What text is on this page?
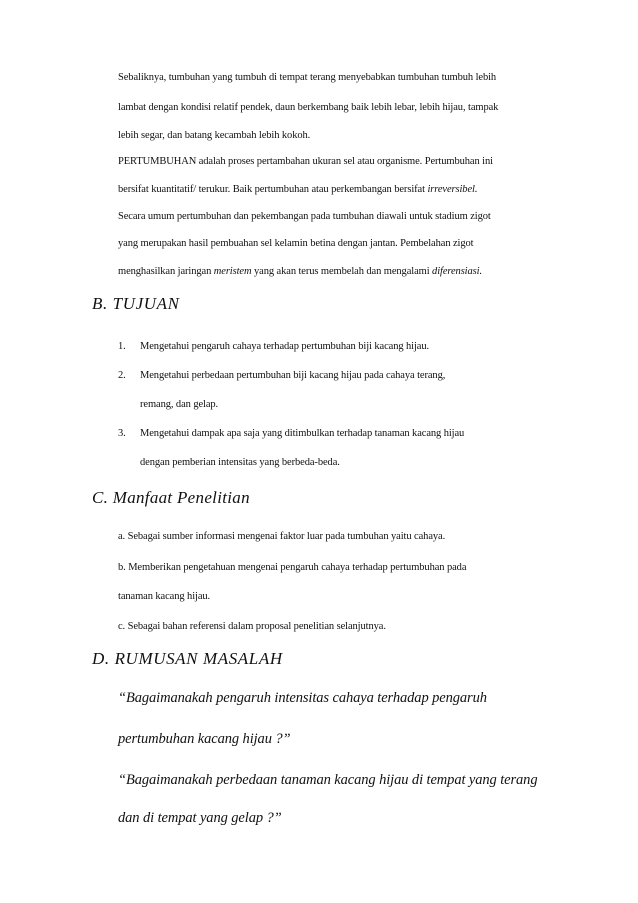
Sebaliknya, tumbuhan yang tumbuh di tempat terang menyebabkan tumbuhan tumbuh lebih
lambat dengan kondisi relatif pendek, daun berkembang baik lebih lebar, lebih hijau, tampak
lebih segar, dan batang kecambah lebih kokoh.
PERTUMBUHAN adalah proses pertambahan ukuran sel atau organisme. Pertumbuhan ini
bersifat kuantitatif/ terukur. Baik pertumbuhan atau perkembangan bersifat irreversibel.
Secara umum pertumbuhan dan pekembangan pada tumbuhan diawali untuk stadium zigot
yang merupakan hasil pembuahan sel kelamin betina dengan jantan. Pembelahan zigot
menghasilkan jaringan meristem yang akan terus membelah dan mengalami diferensiasi.
B. TUJUAN
1. Mengetahui pengaruh cahaya terhadap pertumbuhan biji kacang hijau.
2. Mengetahui perbedaan pertumbuhan biji kacang hijau pada cahaya terang,
remang, dan gelap.
3. Mengetahui dampak apa saja yang ditimbulkan terhadap tanaman kacang hijau
dengan pemberian intensitas yang berbeda-beda.
C. Manfaat Penelitian
a. Sebagai sumber informasi mengenai faktor luar pada tumbuhan yaitu cahaya.
b. Memberikan pengetahuan mengenai pengaruh cahaya terhadap pertumbuhan pada
tanaman kacang hijau.
c. Sebagai bahan referensi dalam proposal penelitian selanjutnya.
D. RUMUSAN MASALAH
“Bagaimanakah pengaruh intensitas cahaya terhadap pengaruh
pertumbuhan kacang hijau ?”
“Bagaimanakah perbedaan tanaman kacang hijau di tempat yang terang
dan di tempat yang gelap ?”
